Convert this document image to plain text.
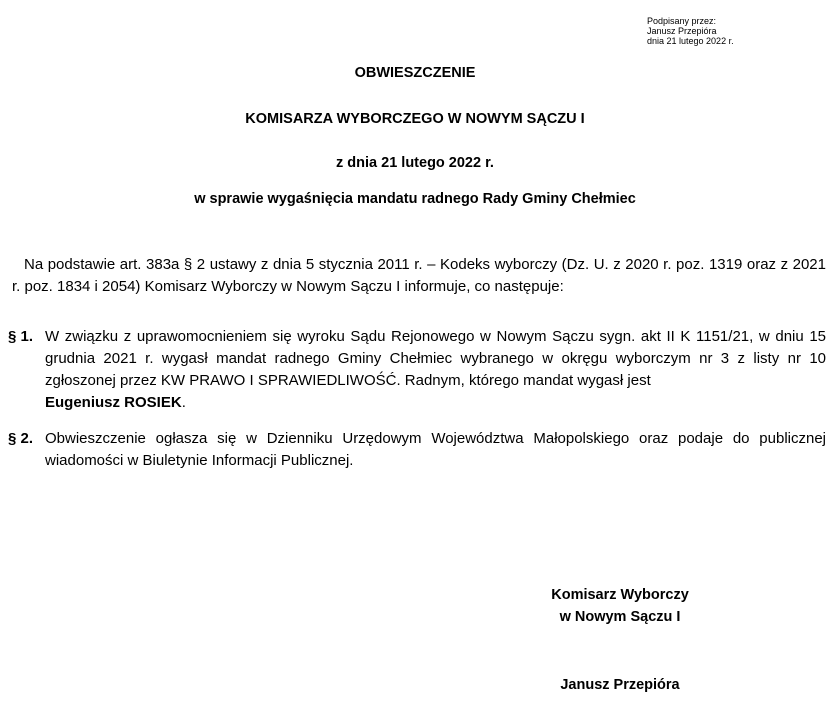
Podpisany przez:
Janusz Przepióra
dnia 21 lutego 2022 r.
OBWIESZCZENIE
KOMISARZA WYBORCZEGO W NOWYM SĄCZU I
z dnia 21 lutego 2022 r.
w sprawie wygaśnięcia mandatu radnego Rady Gminy Chełmiec
Na podstawie art. 383a § 2 ustawy z dnia 5 stycznia 2011 r. – Kodeks wyborczy (Dz. U. z 2020 r. poz. 1319 oraz z 2021 r. poz. 1834 i 2054) Komisarz Wyborczy w Nowym Sączu I informuje, co następuje:
§ 1. W związku z uprawomocnieniem się wyroku Sądu Rejonowego w Nowym Sączu sygn. akt II K 1151/21, w dniu 15 grudnia 2021 r. wygasł mandat radnego Gminy Chełmiec wybranego w okręgu wyborczym nr 3 z listy nr 10 zgłoszonej przez KW PRAWO I SPRAWIEDLIWOŚĆ. Radnym, którego mandat wygasł jest
Eugeniusz ROSIEK.
§ 2. Obwieszczenie ogłasza się w Dzienniku Urzędowym Województwa Małopolskiego oraz podaje do publicznej wiadomości w Biuletynie Informacji Publicznej.
Komisarz Wyborczy
w Nowym Sączu I
Janusz Przepióra
